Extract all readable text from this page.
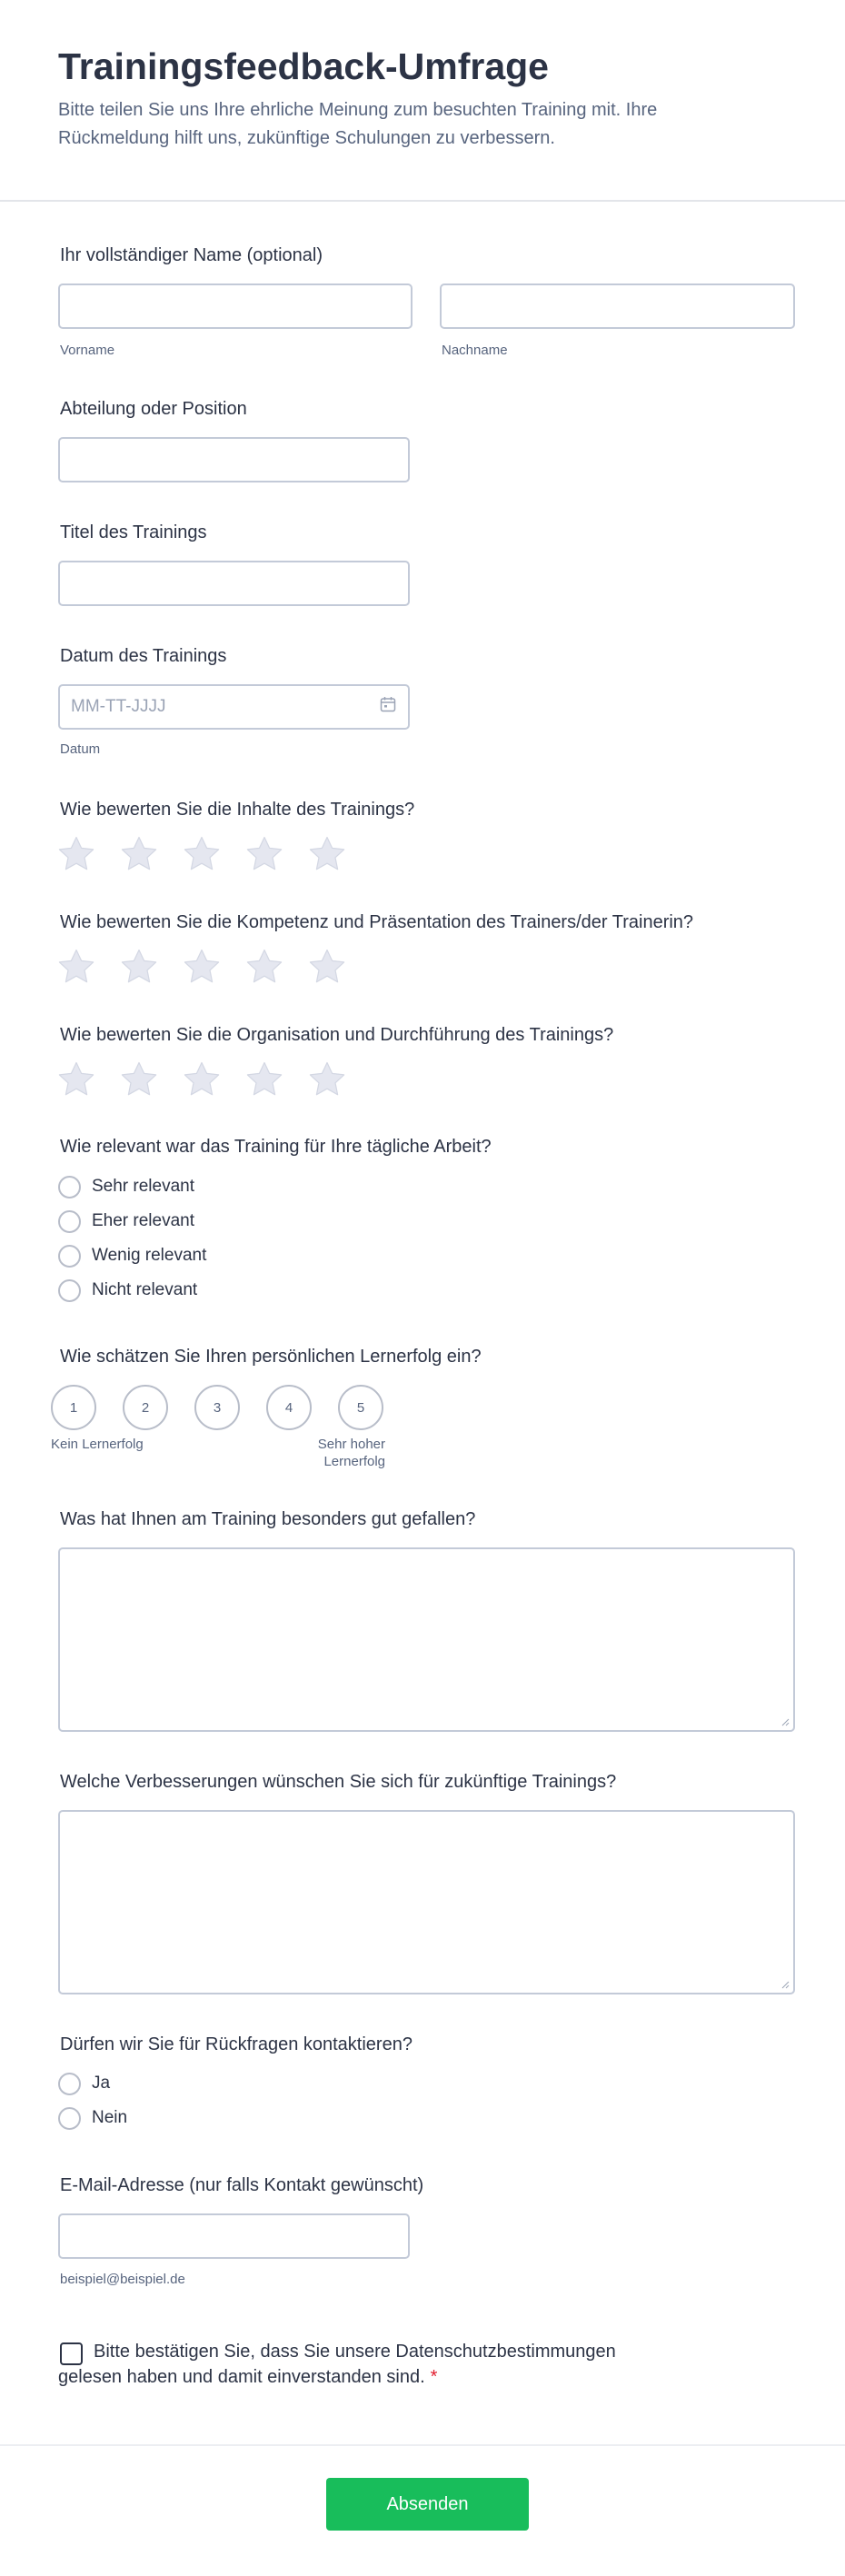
Trainingsfeedback-Umfrage

Bitte teilen Sie uns Ihre ehrliche Meinung zum besuchten Training mit. Ihre Rückmeldung hilft uns, zukünftige Schulungen zu verbessern.

Ihr vollständiger Name (optional)
Vorname	Nachname
Abteilung oder Position
Titel des Trainings
Datum des Trainings
MM-TT-JJJJ
Datum
Wie bewerten Sie die Inhalte des Trainings?
Wie bewerten Sie die Kompetenz und Präsentation des Trainers/der Trainerin?
Wie bewerten Sie die Organisation und Durchführung des Trainings?
Wie relevant war das Training für Ihre tägliche Arbeit?
Sehr relevant
Eher relevant
Wenig relevant
Nicht relevant
Wie schätzen Sie Ihren persönlichen Lernerfolg ein?
1	2	3	4	5
Kein Lernerfolg	Sehr hoher Lernerfolg
Was hat Ihnen am Training besonders gut gefallen?
Welche Verbesserungen wünschen Sie sich für zukünftige Trainings?
Dürfen wir Sie für Rückfragen kontaktieren?
Ja
Nein
E-Mail-Adresse (nur falls Kontakt gewünscht)
beispiel@beispiel.de

Bitte bestätigen Sie, dass Sie unsere Datenschutzbestimmungen gelesen haben und damit einverstanden sind. *

Absenden
